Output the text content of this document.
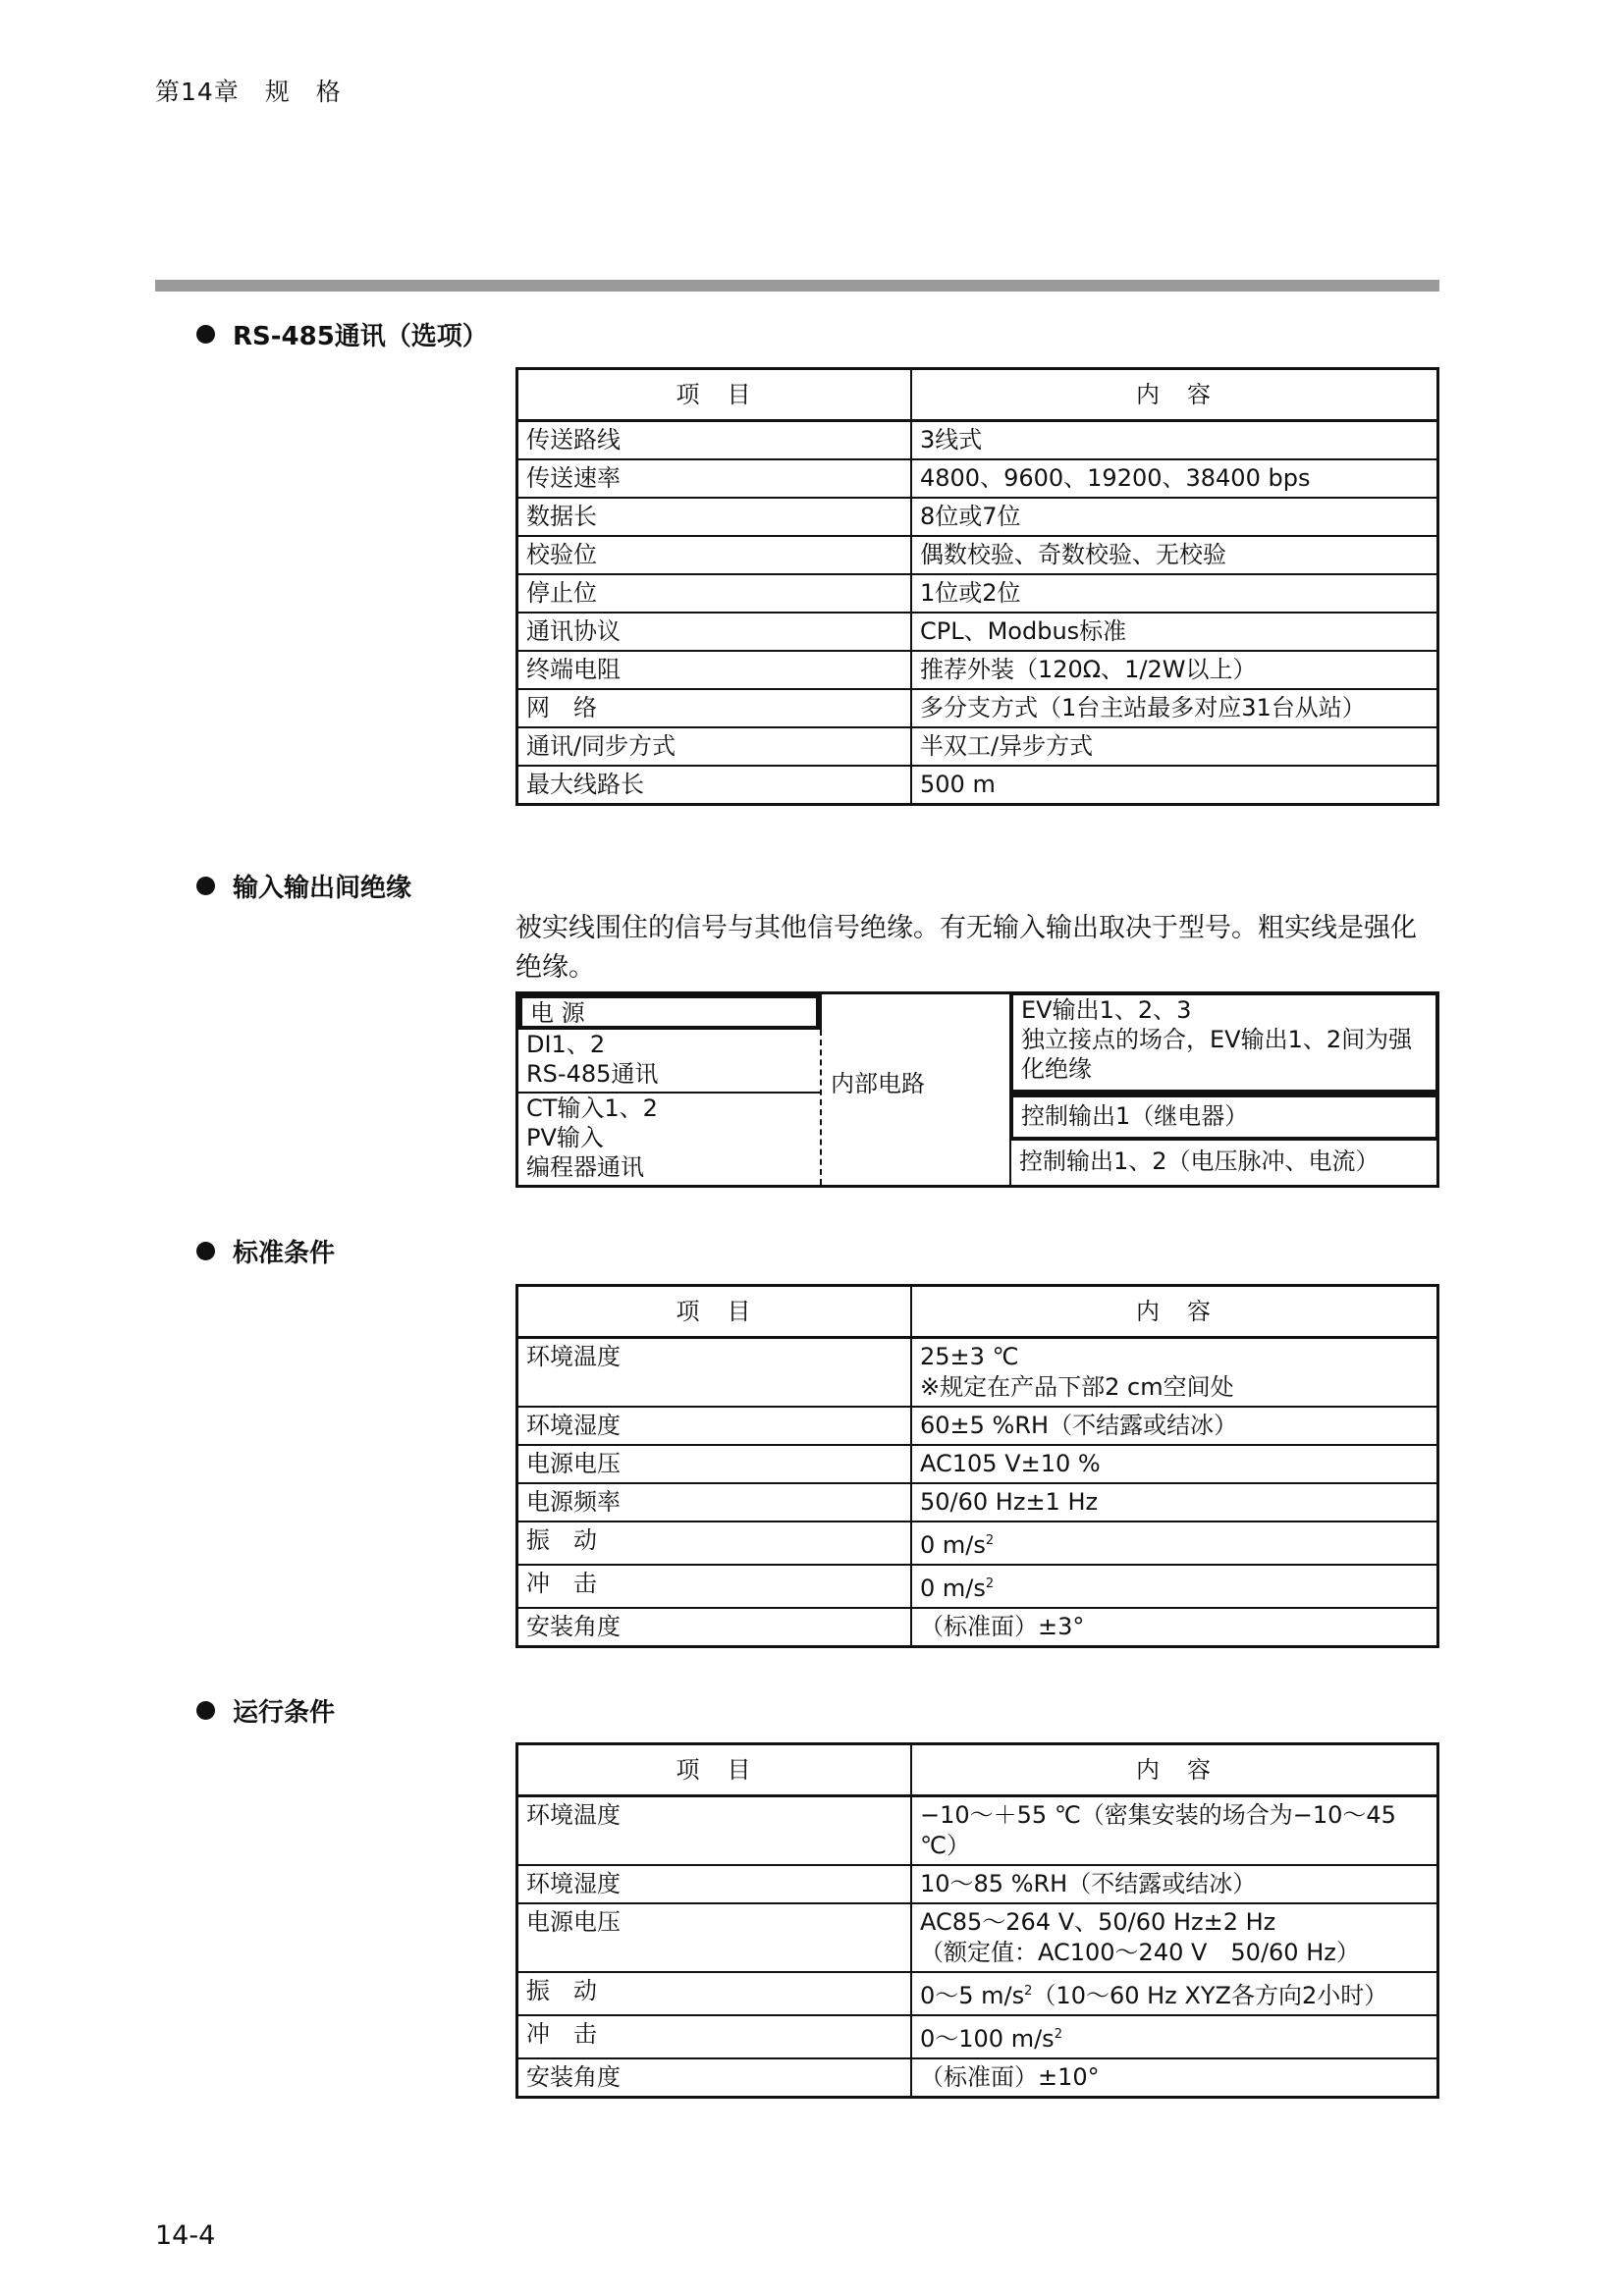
第14章　规　格
RS-485通讯（选项）
项　目	内　容
传送路线	3线式
传送速率	4800、9600、19200、38400 bps
数据长	8位或7位
校验位	偶数校验、奇数校验、无校验
停止位	1位或2位
通讯协议	CPL、Modbus标准
终端电阻	推荐外装（120Ω、1/2W以上）
网　络	多分支方式（1台主站最多对应31台从站）
通讯/同步方式	半双工/异步方式
最大线路长	500 m
输入输出间绝缘
被实线围住的信号与其他信号绝缘。有无输入输出取决于型号。粗实线是强化绝缘。
电 源
DI1、2
RS-485通讯
CT输入1、2
PV输入
编程器通讯
内部电路
EV输出1、2、3
独立接点的场合，EV输出1、2间为强化绝缘
控制输出1（继电器）
控制输出1、2（电压脉冲、电流）
标准条件
项　目	内　容
环境温度	25±3 ℃
※规定在产品下部2 cm空间处

环境湿度	60±5 %RH（不结露或结冰）
电源电压	AC105 V±10 %
电源频率	50/60 Hz±1 Hz
振　动	0 $m/s^2$
冲　击	0 $m/s^2$
安装角度	（标准面）±3°
运行条件
项　目	内　容
环境温度	−10～＋55 ℃（密集安装的场合为−10～45 ℃）
环境湿度	10～85 %RH（不结露或结冰）
电源电压	AC85～264 V、50/60 Hz±2 Hz
（额定值：AC100～240 V　50/60 Hz）

振　动	0～5 $m/s^2(10\sim 60$ Hz XYZ各方向2小时）
冲　击	0～100 $m/s^2$
安装角度	（标准面）±10°
14-4
